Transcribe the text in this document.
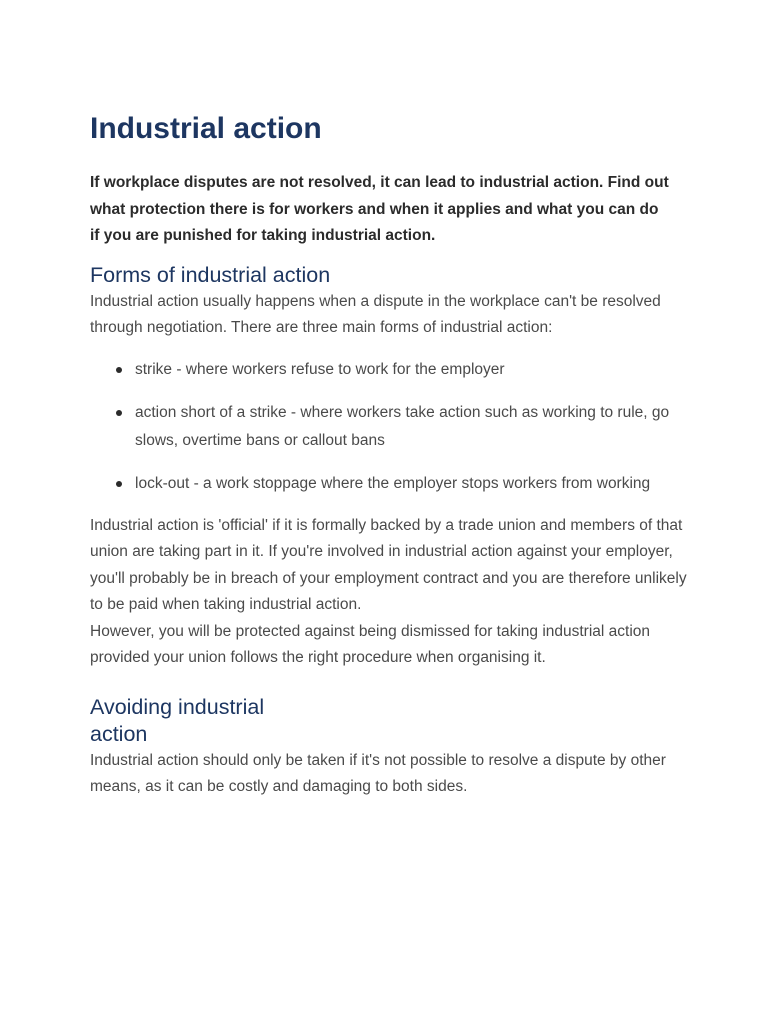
Industrial action

If workplace disputes are not resolved, it can lead to industrial action. Find out what protection there is for workers and when it applies and what you can do if you are punished for taking industrial action.

Forms of industrial action

Industrial action usually happens when a dispute in the workplace can't be resolved through negotiation. There are three main forms of industrial action:

strike - where workers refuse to work for the employer
action short of a strike - where workers take action such as working to rule, go slows, overtime bans or callout bans
lock-out - a work stoppage where the employer stops workers from working

Industrial action is 'official' if it is formally backed by a trade union and members of that union are taking part in it. If you're involved in industrial action against your employer, you'll probably be in breach of your employment contract and you are therefore unlikely to be paid when taking industrial action.

However, you will be protected against being dismissed for taking industrial action provided your union follows the right procedure when organising it.

Avoiding industrial action

Industrial action should only be taken if it's not possible to resolve a dispute by other means, as it can be costly and damaging to both sides.
